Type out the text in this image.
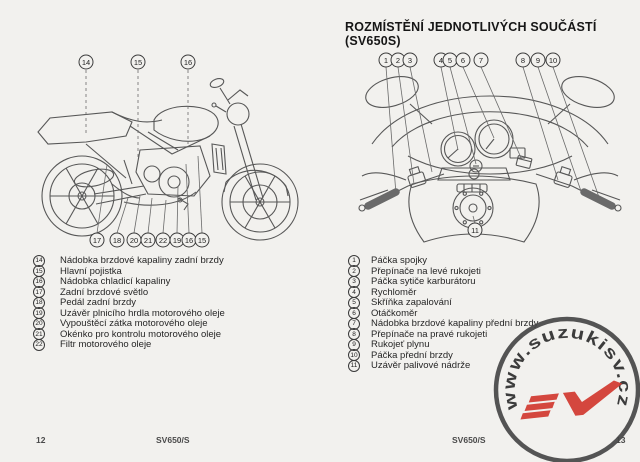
14	15	16
17 18 20 21 22 19 16 15
14 Nádobka brzdové kapaliny zadní brzdy
15 Hlavní pojistka
16 Nádobka chladicí kapaliny
17 Zadní brzdové světlo
18 Pedál zadní brzdy
19 Uzávěr plnicího hrdla motorového oleje
20 Vypouštěcí zátka motorového oleje
21 Okénko pro kontrolu motorového oleje
22 Filtr motorového oleje
12	SV650/S
ROZMÍSTĚNÍ JEDNOTLIVÝCH SOUČÁSTÍ (SV650S)
1 2 3	4 5 6 7	8 9 10
11
1	Páčka spojky
2	Přepínače na levé rukojeti
3	Páčka sytiče karburátoru
4	Rychloměr
5	Skříňka zapalování
6	Otáčkoměr
7	Nádobka brzdové kapaliny přední brzdy
8	Přepínače na pravé rukojeti
9	Rukojeť plynu
10 Páčka přední brzdy
11 Uzávěr palivové nádrže
SV650/S	13
www.suzukisv.cz
